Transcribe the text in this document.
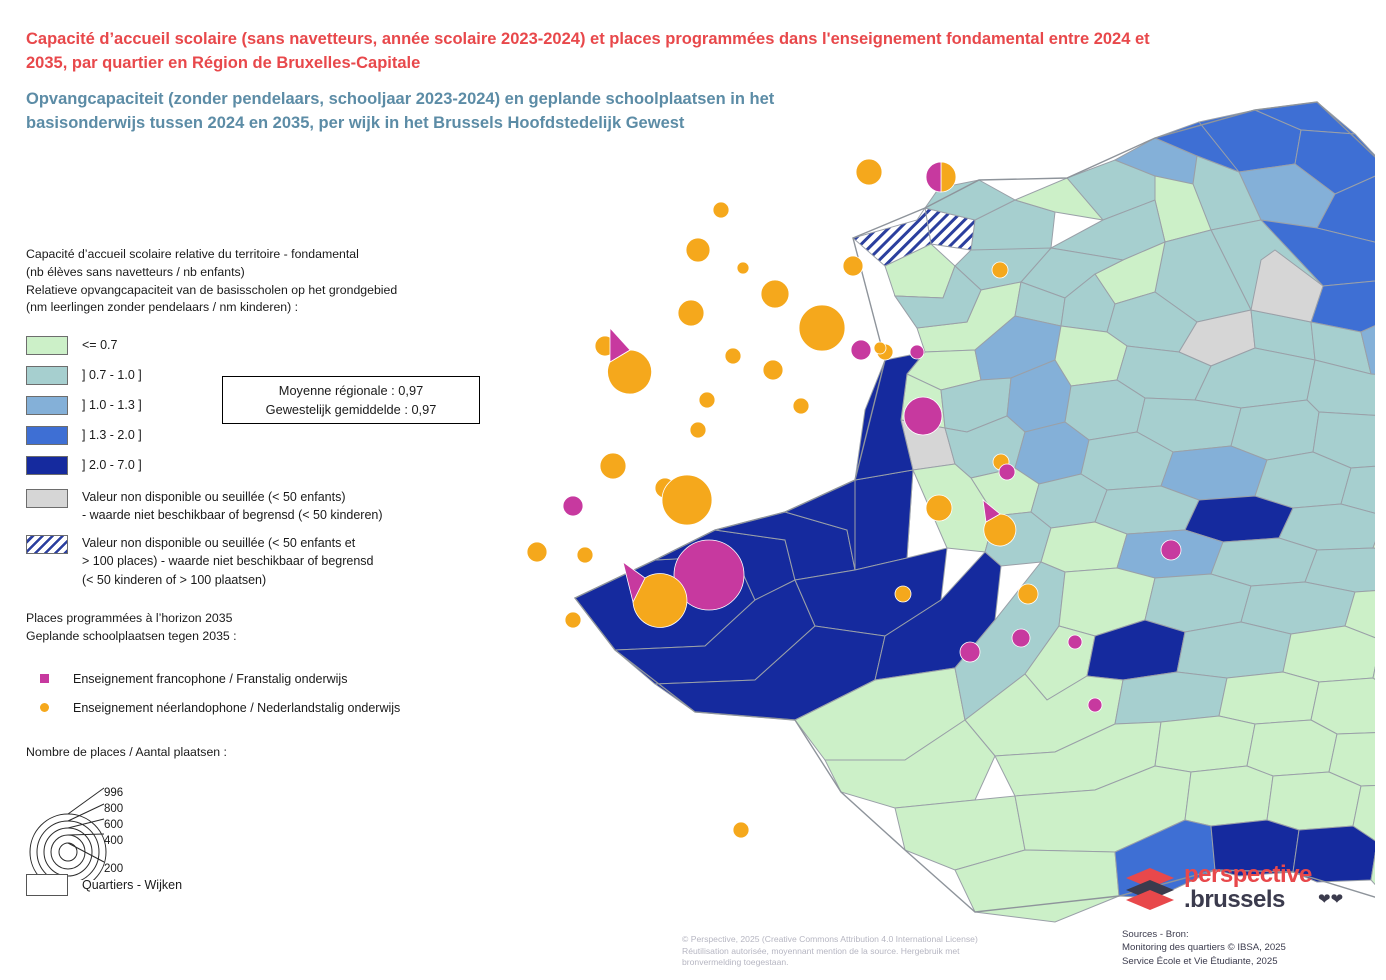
Capacité d’accueil scolaire (sans navetteurs, année scolaire 2023-2024) et places programmées dans l'enseignement fondamental entre 2024 et 2035, par quartier en Région de Bruxelles-Capitale
Opvangcapaciteit (zonder pendelaars, schooljaar 2023-2024) en geplande schoolplaatsen in het basisonderwijs tussen 2024 en 2035, per wijk in het Brussels Hoofdstedelijk Gewest
Capacité d’accueil scolaire relative du territoire - fondamental
(nb élèves sans navetteurs / nb enfants)
Relatieve opvangcapaciteit van de basisscholen op het grondgebied
(nm leerlingen zonder pendelaars / nm kinderen) :
<= 0.7
] 0.7 - 1.0 ]
] 1.0 - 1.3 ]
] 1.3 - 2.0 ]
] 2.0 - 7.0 ]
Valeur non disponible ou seuillée (< 50 enfants)
- waarde niet beschikbaar of begrensd (< 50 kinderen)
Valeur non disponible ou seuillée (< 50 enfants et
> 100 places) - waarde niet beschikbaar of begrensd
(< 50 kinderen of > 100 plaatsen)
Moyenne régionale : 0,97
Gewestelijk gemiddelde : 0,97
Places programmées à l’horizon 2035
Geplande schoolplaatsen tegen 2035 :
Enseignement francophone / Franstalig onderwijs
Enseignement néerlandophone / Nederlandstalig onderwijs
Nombre de places / Aantal plaatsen :
996
800
600
400
200
Quartiers - Wijken
© Perspective, 2025 (Creative Commons Attribution 4.0 International License)
Réutilisation autorisée, moyennant mention de la source. Hergebruik met
bronvermelding toegestaan.
perspective
.brussels	❤❤
Sources - Bron:
Monitoring des quartiers © IBSA, 2025
Service École et Vie Étudiante, 2025
